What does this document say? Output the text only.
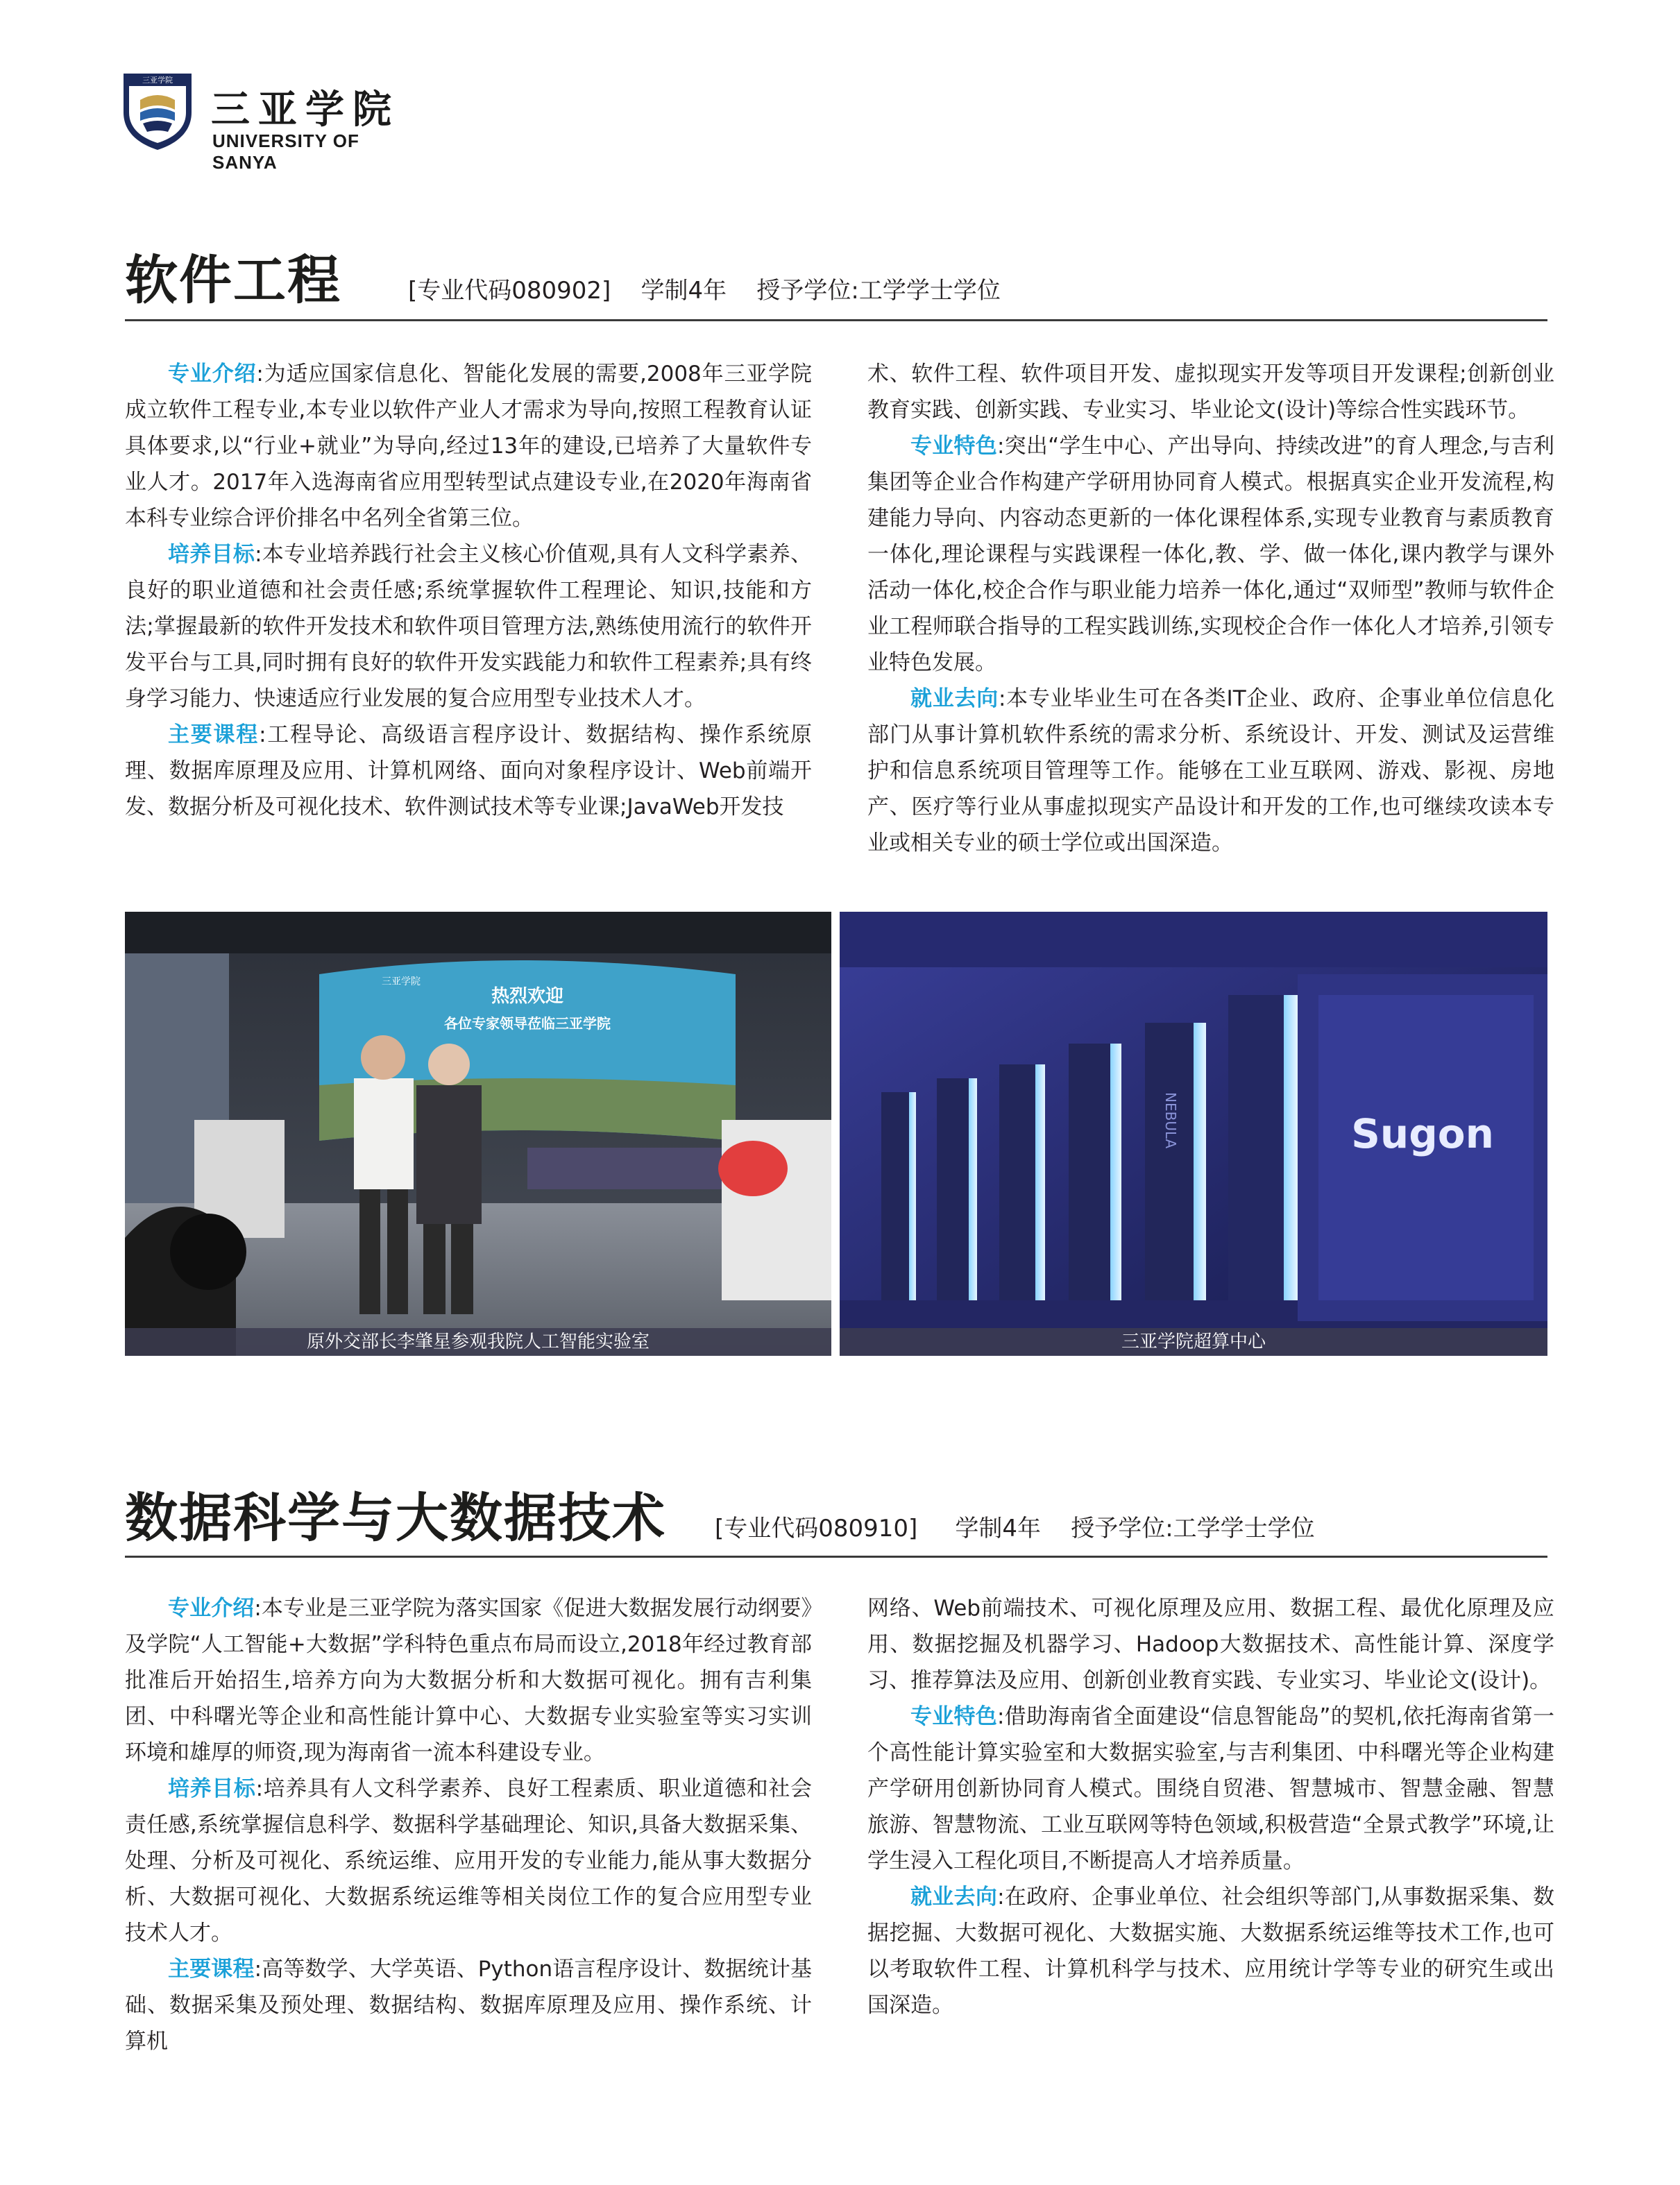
三亚学院
三亚学院
UNIVERSITY OF SANYA
软件工程	[专业代码080902]    学制4年    授予学位:工学学士学位

专业介绍:为适应国家信息化、智能化发展的需要,2008年三亚学院成立软件工程专业,本专业以软件产业人才需求为导向,按照工程教育认证具体要求,以“行业+就业”为导向,经过13年的建设,已培养了大量软件专业人才。2017年入选海南省应用型转型试点建设专业,在2020年海南省本科专业综合评价排名中名列全省第三位。

培养目标:本专业培养践行社会主义核心价值观,具有人文科学素养、良好的职业道德和社会责任感;系统掌握软件工程理论、知识,技能和方法;掌握最新的软件开发技术和软件项目管理方法,熟练使用流行的软件开发平台与工具,同时拥有良好的软件开发实践能力和软件工程素养;具有终身学习能力、快速适应行业发展的复合应用型专业技术人才。

主要课程:工程导论、高级语言程序设计、数据结构、操作系统原理、数据库原理及应用、计算机网络、面向对象程序设计、Web前端开发、数据分析及可视化技术、软件测试技术等专业课;JavaWeb开发技

术、软件工程、软件项目开发、虚拟现实开发等项目开发课程;创新创业教育实践、创新实践、专业实习、毕业论文(设计)等综合性实践环节。

专业特色:突出“学生中心、产出导向、持续改进”的育人理念,与吉利集团等企业合作构建产学研用协同育人模式。根据真实企业开发流程,构建能力导向、内容动态更新的一体化课程体系,实现专业教育与素质教育一体化,理论课程与实践课程一体化,教、学、做一体化,课内教学与课外活动一体化,校企合作与职业能力培养一体化,通过“双师型”教师与软件企业工程师联合指导的工程实践训练,实现校企合作一体化人才培养,引领专业特色发展。

就业去向:本专业毕业生可在各类IT企业、政府、企事业单位信息化部门从事计算机软件系统的需求分析、系统设计、开发、测试及运营维护和信息系统项目管理等工作。能够在工业互联网、游戏、影视、房地产、医疗等行业从事虚拟现实产品设计和开发的工作,也可继续攻读本专业或相关专业的硕士学位或出国深造。

热烈欢迎
各位专家领导莅临三亚学院
三亚学院
原外交部长李肇星参观我院人工智能实验室
NEBULA	Sugon
三亚学院超算中心
数据科学与大数据技术 [专业代码080910]     学制4年    授予学位:工学学士学位

专业介绍:本专业是三亚学院为落实国家《促进大数据发展行动纲要》及学院“人工智能+大数据”学科特色重点布局而设立,2018年经过教育部批准后开始招生,培养方向为大数据分析和大数据可视化。拥有吉利集团、中科曙光等企业和高性能计算中心、大数据专业实验室等实习实训环境和雄厚的师资,现为海南省一流本科建设专业。

培养目标:培养具有人文科学素养、良好工程素质、职业道德和社会责任感,系统掌握信息科学、数据科学基础理论、知识,具备大数据采集、处理、分析及可视化、系统运维、应用开发的专业能力,能从事大数据分析、大数据可视化、大数据系统运维等相关岗位工作的复合应用型专业技术人才。

主要课程:高等数学、大学英语、Python语言程序设计、数据统计基础、数据采集及预处理、数据结构、数据库原理及应用、操作系统、计算机

网络、Web前端技术、可视化原理及应用、数据工程、最优化原理及应用、数据挖掘及机器学习、Hadoop大数据技术、高性能计算、深度学习、推荐算法及应用、创新创业教育实践、专业实习、毕业论文(设计)。

专业特色:借助海南省全面建设“信息智能岛”的契机,依托海南省第一个高性能计算实验室和大数据实验室,与吉利集团、中科曙光等企业构建产学研用创新协同育人模式。围绕自贸港、智慧城市、智慧金融、智慧旅游、智慧物流、工业互联网等特色领域,积极营造“全景式教学”环境,让学生浸入工程化项目,不断提高人才培养质量。

就业去向:在政府、企事业单位、社会组织等部门,从事数据采集、数据挖掘、大数据可视化、大数据实施、大数据系统运维等技术工作,也可以考取软件工程、计算机科学与技术、应用统计学等专业的研究生或出国深造。
